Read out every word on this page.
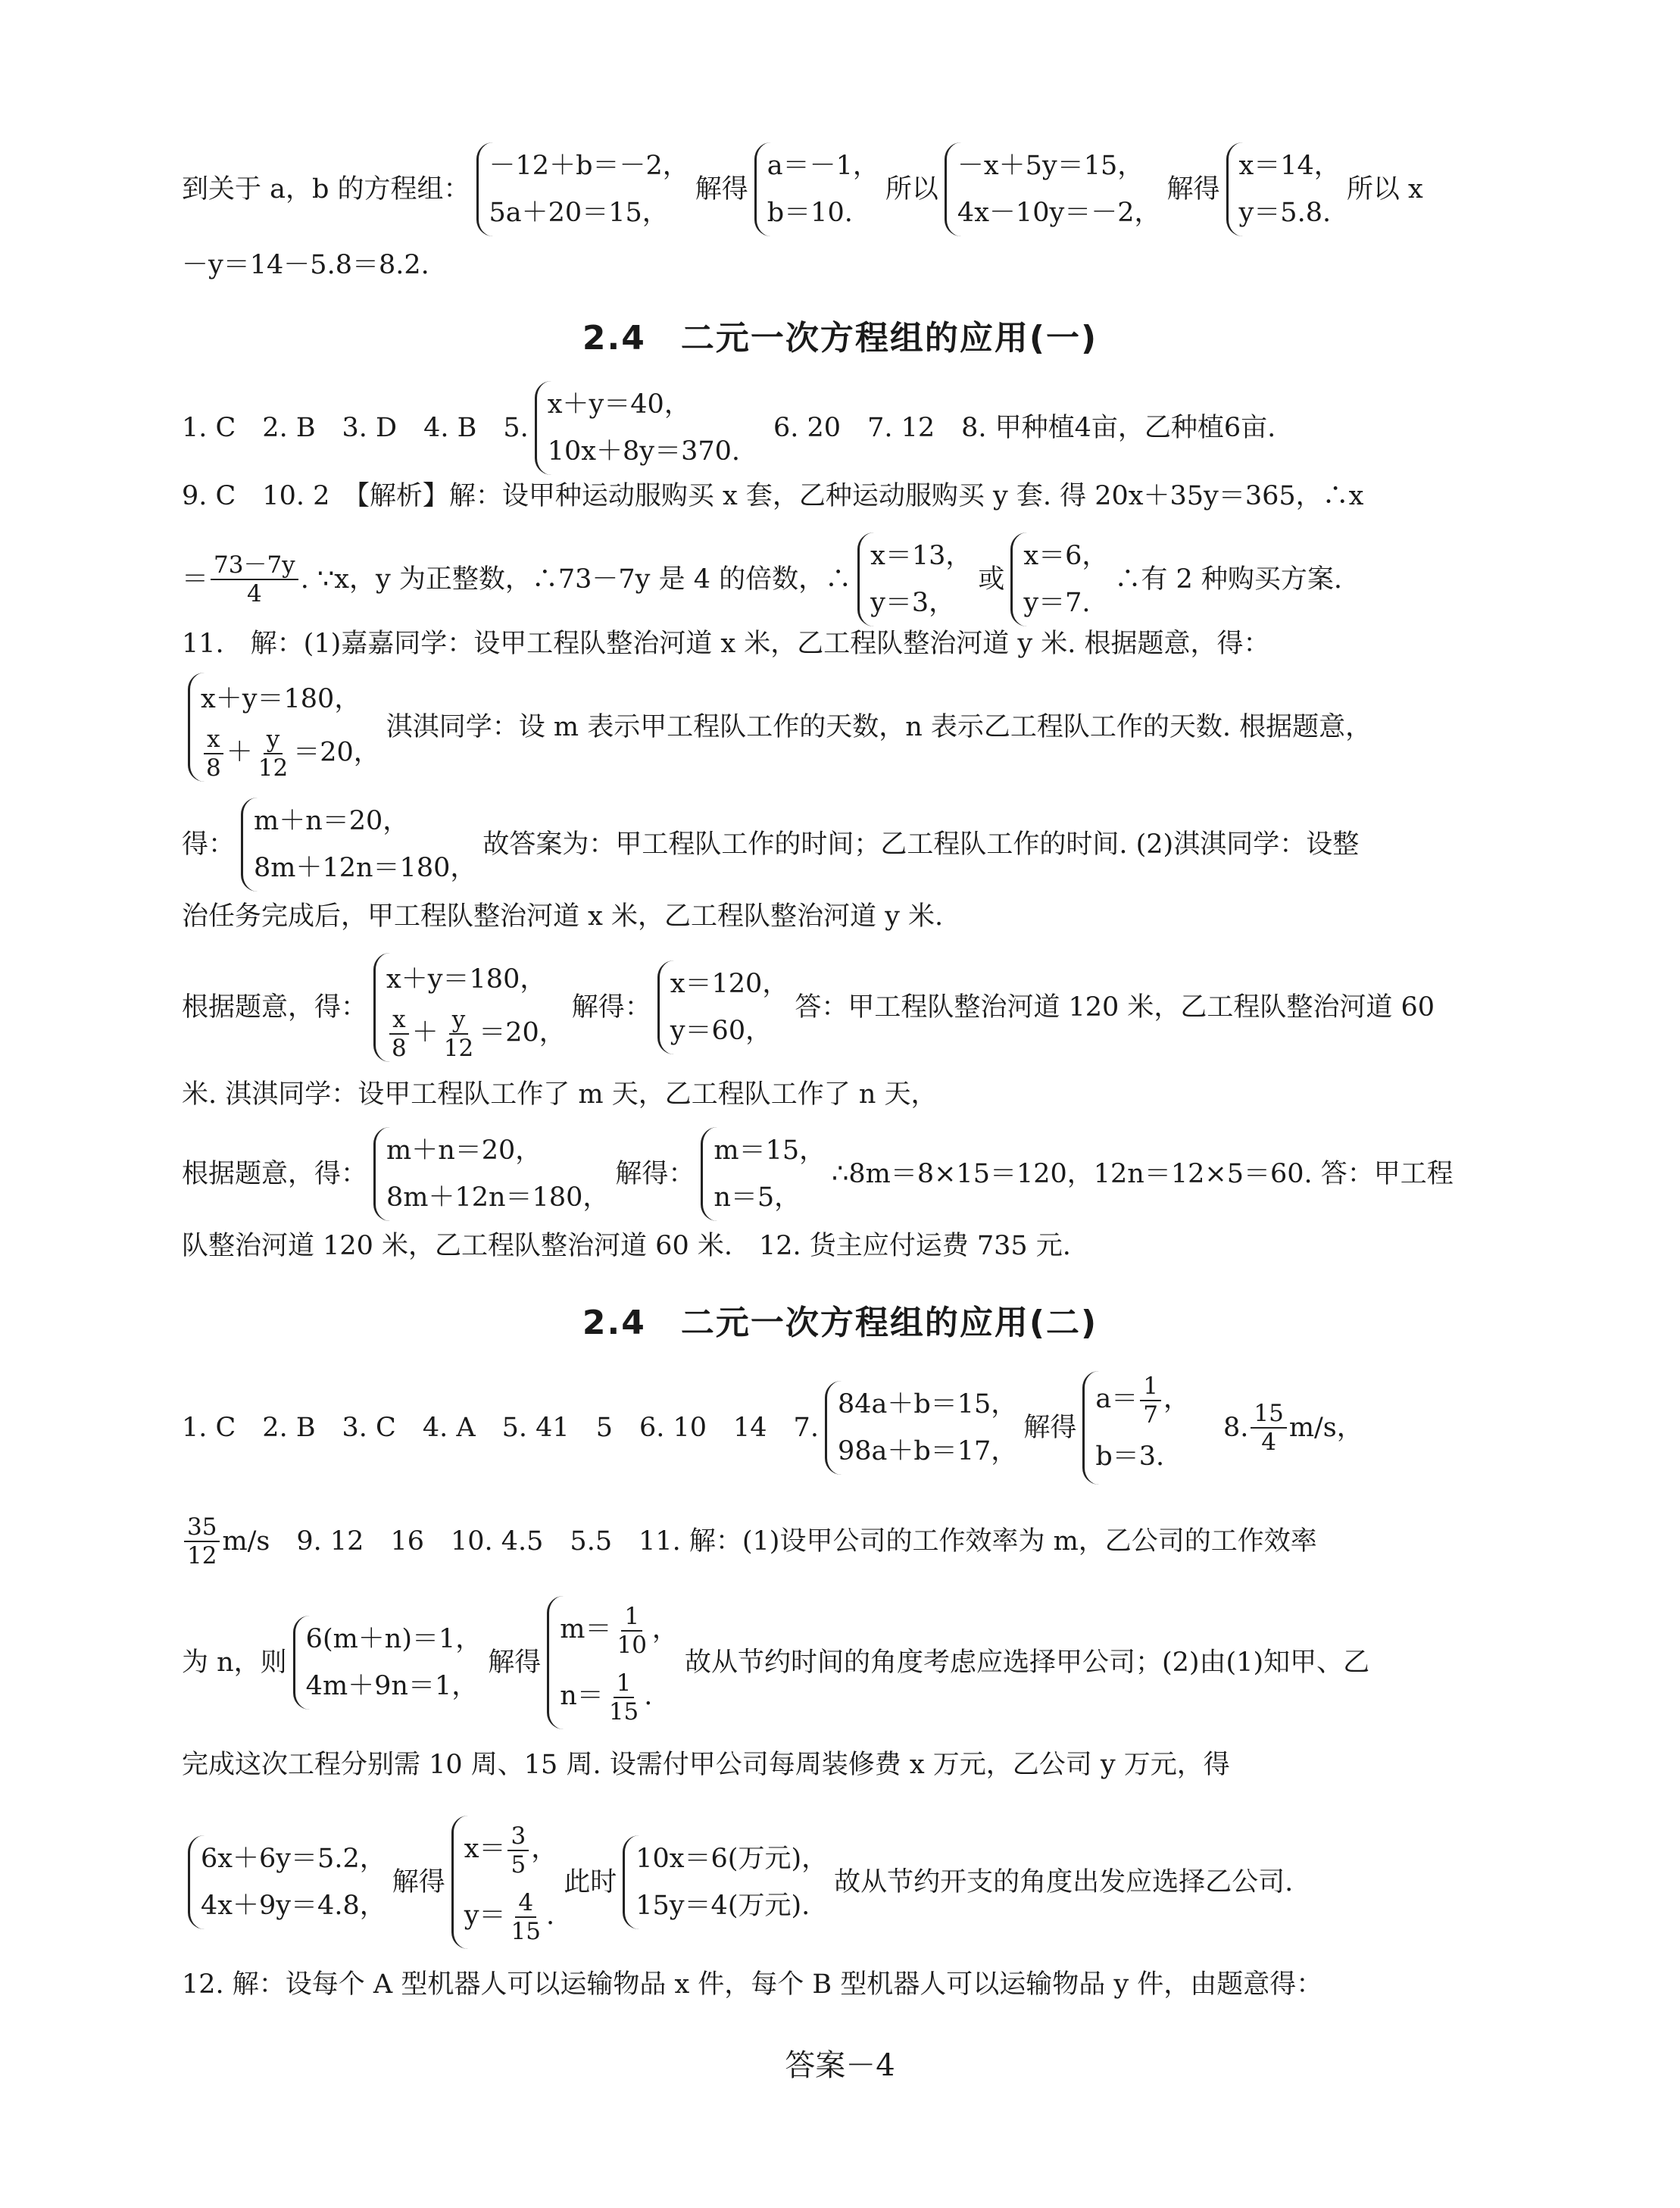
到关于 a，b 的方程组：
－12＋b＝－2，
5a＋20＝15，
解得
a＝－1，
b＝10.
所以
－x＋5y＝15，
4x－10y＝－2，
解得
x＝14，
y＝5.8.
所以 x
－y＝14－5.8＝8.2.
2.4　二元一次方程组的应用(一)
1. C　2. B　3. D　4. B　5.
x＋y＝40，
10x＋8y＝370.
6. 20　7. 12　8. 甲种植4亩，乙种植6亩.
9. C　10. 2　【解析】解：设甲种运动服购买 x 套，乙种运动服购买 y 套. 得 20x＋35y＝365，∴x
＝ $\frac{73-7y}{4}$ . ∵x，y 为正整数，∴73－7y 是 4 的倍数，∴
x＝13，
y＝3，
或
x＝6，
y＝7.
∴有 2 种购买方案.
11.　解：(1)嘉嘉同学：设甲工程队整治河道 x 米，乙工程队整治河道 y 米. 根据题意，得：
x＋y＝180，
$\frac{x}{8} + \frac{y}{12} =20$，
淇淇同学：设 m 表示甲工程队工作的天数，n 表示乙工程队工作的天数. 根据题意，
得：
m＋n＝20，
8m＋12n＝180，
故答案为：甲工程队工作的时间；乙工程队工作的时间. (2)淇淇同学：设整
治任务完成后，甲工程队整治河道 x 米，乙工程队整治河道 y 米.
根据题意，得：
x＋y＝180，
$\frac{x}{8} + \frac{y}{12} =20$，
解得：
x＝120，
y＝60，
答：甲工程队整治河道 120 米，乙工程队整治河道 60
米. 淇淇同学：设甲工程队工作了 m 天，乙工程队工作了 n 天，
根据题意，得：
m＋n＝20，
8m＋12n＝180，
解得：
m＝15，
n＝5，
∴8m＝8×15＝120，12n＝12×5＝60. 答：甲工程
队整治河道 120 米，乙工程队整治河道 60 米.　12. 货主应付运费 735 元.
2.4　二元一次方程组的应用(二)
1. C　2. B　3. C　4. A　5. 41　5　6. 10　14　7.
84a＋b＝15，
98a＋b＝17，
解得
$a= \frac{1}{7}$ ，
b＝3.
8. $\frac{15}{4} m/s$，
$\frac{35}{12} m/s$　9. 12　16　10. 4.5　5.5　11. 解：(1)设甲公司的工作效率为 m，乙公司的工作效率
为 n，则
6(m＋n)＝1，
4m＋9n＝1，
解得
$m= \frac{1}{10}$ ，
$n= \frac{1}{15}$ .
故从节约时间的角度考虑应选择甲公司；(2)由(1)知甲、乙
完成这次工程分别需 10 周、15 周. 设需付甲公司每周装修费 x 万元，乙公司 y 万元，得
6x＋6y＝5.2，
4x＋9y＝4.8，
解得
$x= \frac{3}{5}$ ，
$y= \frac{4}{15}$ .
此时
10x＝6(万元)，
15y＝4(万元).
故从节约开支的角度出发应选择乙公司.
12. 解：设每个 A 型机器人可以运输物品 x 件，每个 B 型机器人可以运输物品 y 件，由题意得：
答案－4
